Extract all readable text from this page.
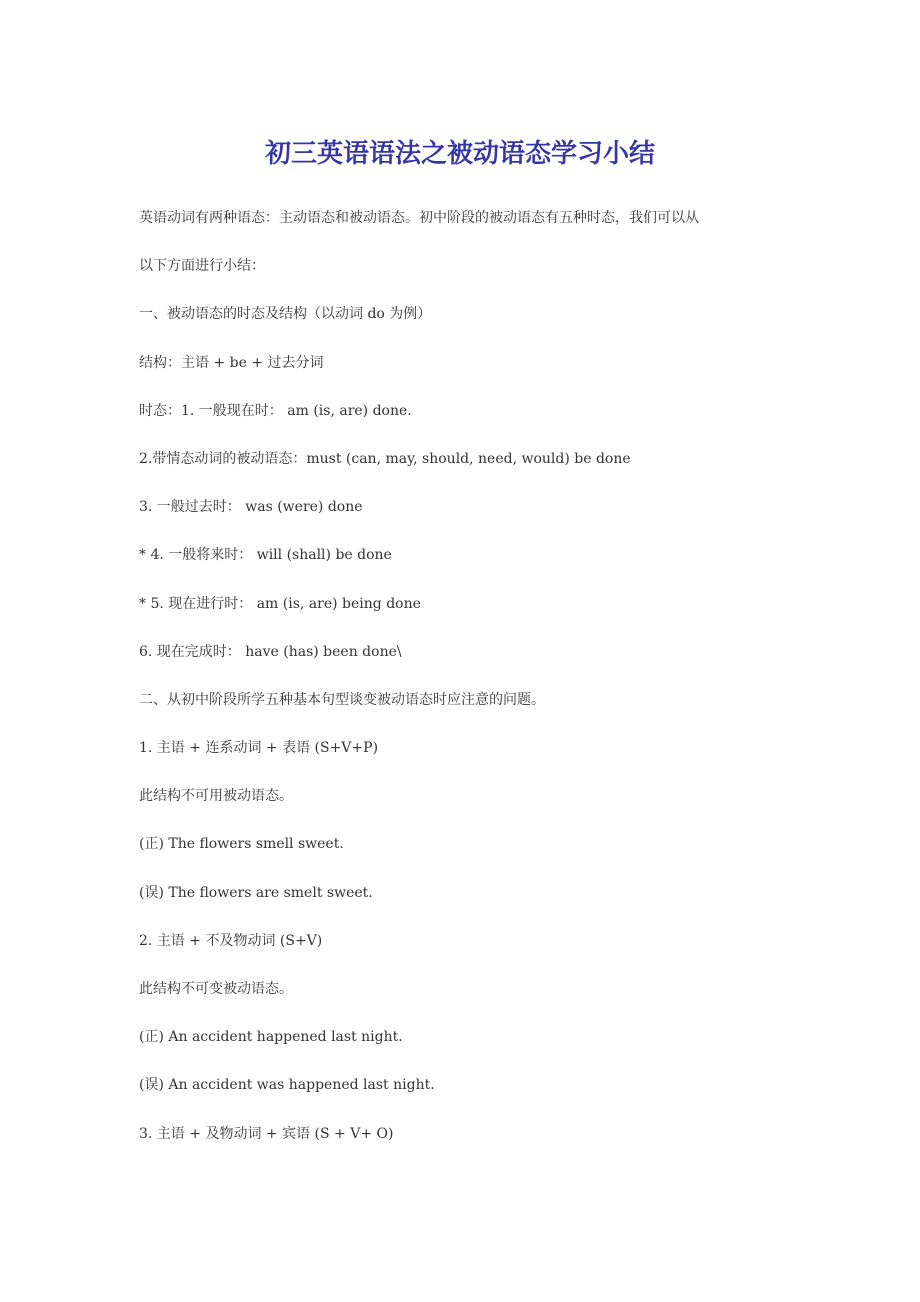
初三英语语法之被动语态学习小结

英语动词有两种语态：主动语态和被动语态。初中阶段的被动语态有五种时态，我们可以从

以下方面进行小结：

一、被动语态的时态及结构（以动词 do 为例）

结构：主语 + be + 过去分词

时态：1. 一般现在时： am (is, are) done.

2.带情态动词的被动语态：must (can, may, should, need, would) be done

3. 一般过去时： was (were) done

* 4. 一般将来时： will (shall) be done

* 5. 现在进行时： am (is, are) being done

6. 现在完成时： have (has) been done\

二、从初中阶段所学五种基本句型谈变被动语态时应注意的问题。

1. 主语 + 连系动词 + 表语 (S+V+P)

此结构不可用被动语态。

(正) The flowers smell sweet.

(误) The flowers are smelt sweet.

2. 主语 + 不及物动词 (S+V)

此结构不可变被动语态。

(正) An accident happened last night.

(误) An accident was happened last night.

3. 主语 + 及物动词 + 宾语 (S + V+ O)
